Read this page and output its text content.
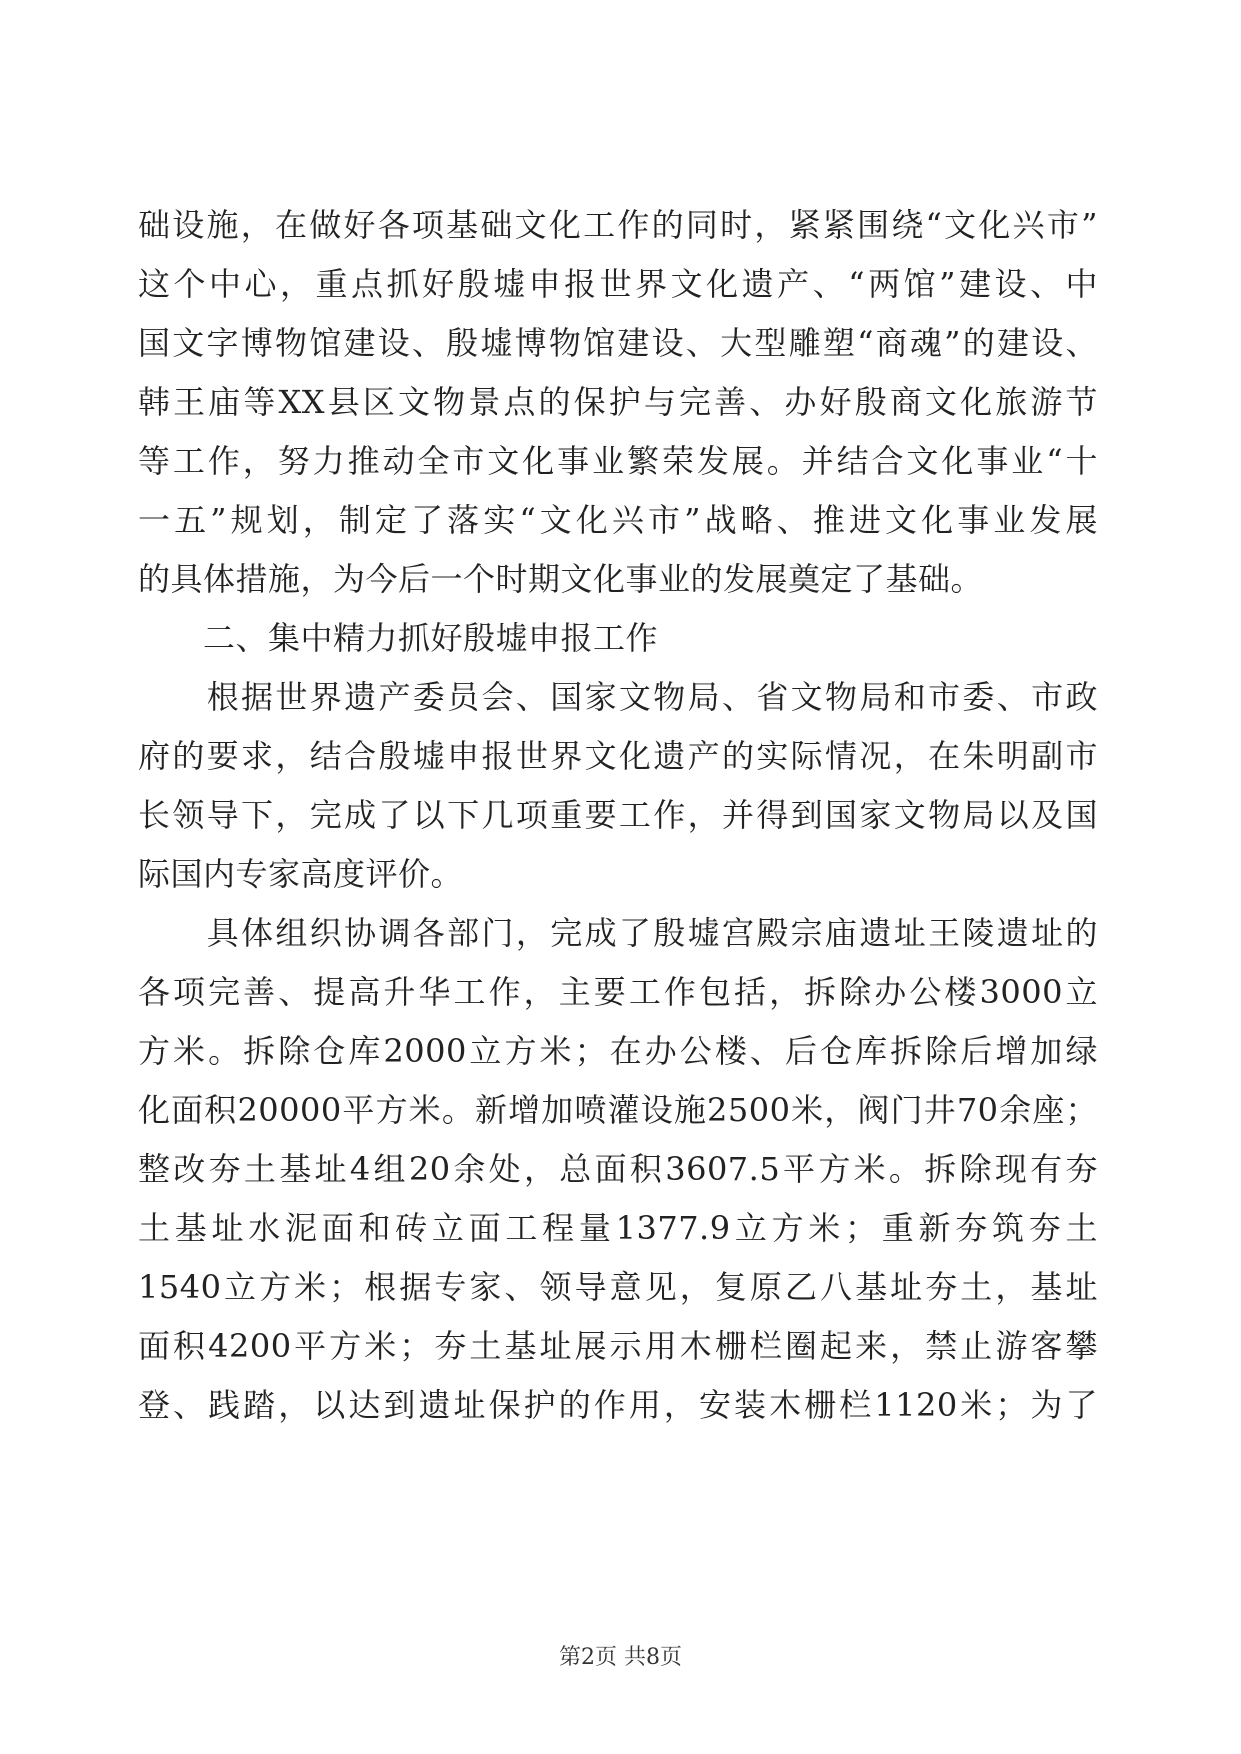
础设施，在做好各项基础文化工作的同时，紧紧围绕“文化兴市”
这个中心，重点抓好殷墟申报世界文化遗产、“两馆”建设、中
国文字博物馆建设、殷墟博物馆建设、大型雕塑“商魂”的建设、
韩王庙等XX县区文物景点的保护与完善、办好殷商文化旅游节
等工作，努力推动全市文化事业繁荣发展。并结合文化事业“十
一五”规划，制定了落实“文化兴市”战略、推进文化事业发展
的具体措施，为今后一个时期文化事业的发展奠定了基础。
　　二、集中精力抓好殷墟申报工作
　　根据世界遗产委员会、国家文物局、省文物局和市委、市政
府的要求，结合殷墟申报世界文化遗产的实际情况，在朱明副市
长领导下，完成了以下几项重要工作，并得到国家文物局以及国
际国内专家高度评价。
　　具体组织协调各部门，完成了殷墟宫殿宗庙遗址王陵遗址的
各项完善、提高升华工作，主要工作包括，拆除办公楼3000立
方米。拆除仓库2000立方米；在办公楼、后仓库拆除后增加绿
化面积20000平方米。新增加喷灌设施2500米，阀门井70余座；
整改夯土基址4组20余处，总面积3607.5平方米。拆除现有夯
土基址水泥面和砖立面工程量1377.9立方米；重新夯筑夯土
1540立方米；根据专家、领导意见，复原乙八基址夯土，基址
面积4200平方米；夯土基址展示用木栅栏圈起来，禁止游客攀
登、践踏，以达到遗址保护的作用，安装木栅栏1120米；为了
第2页 共8页
